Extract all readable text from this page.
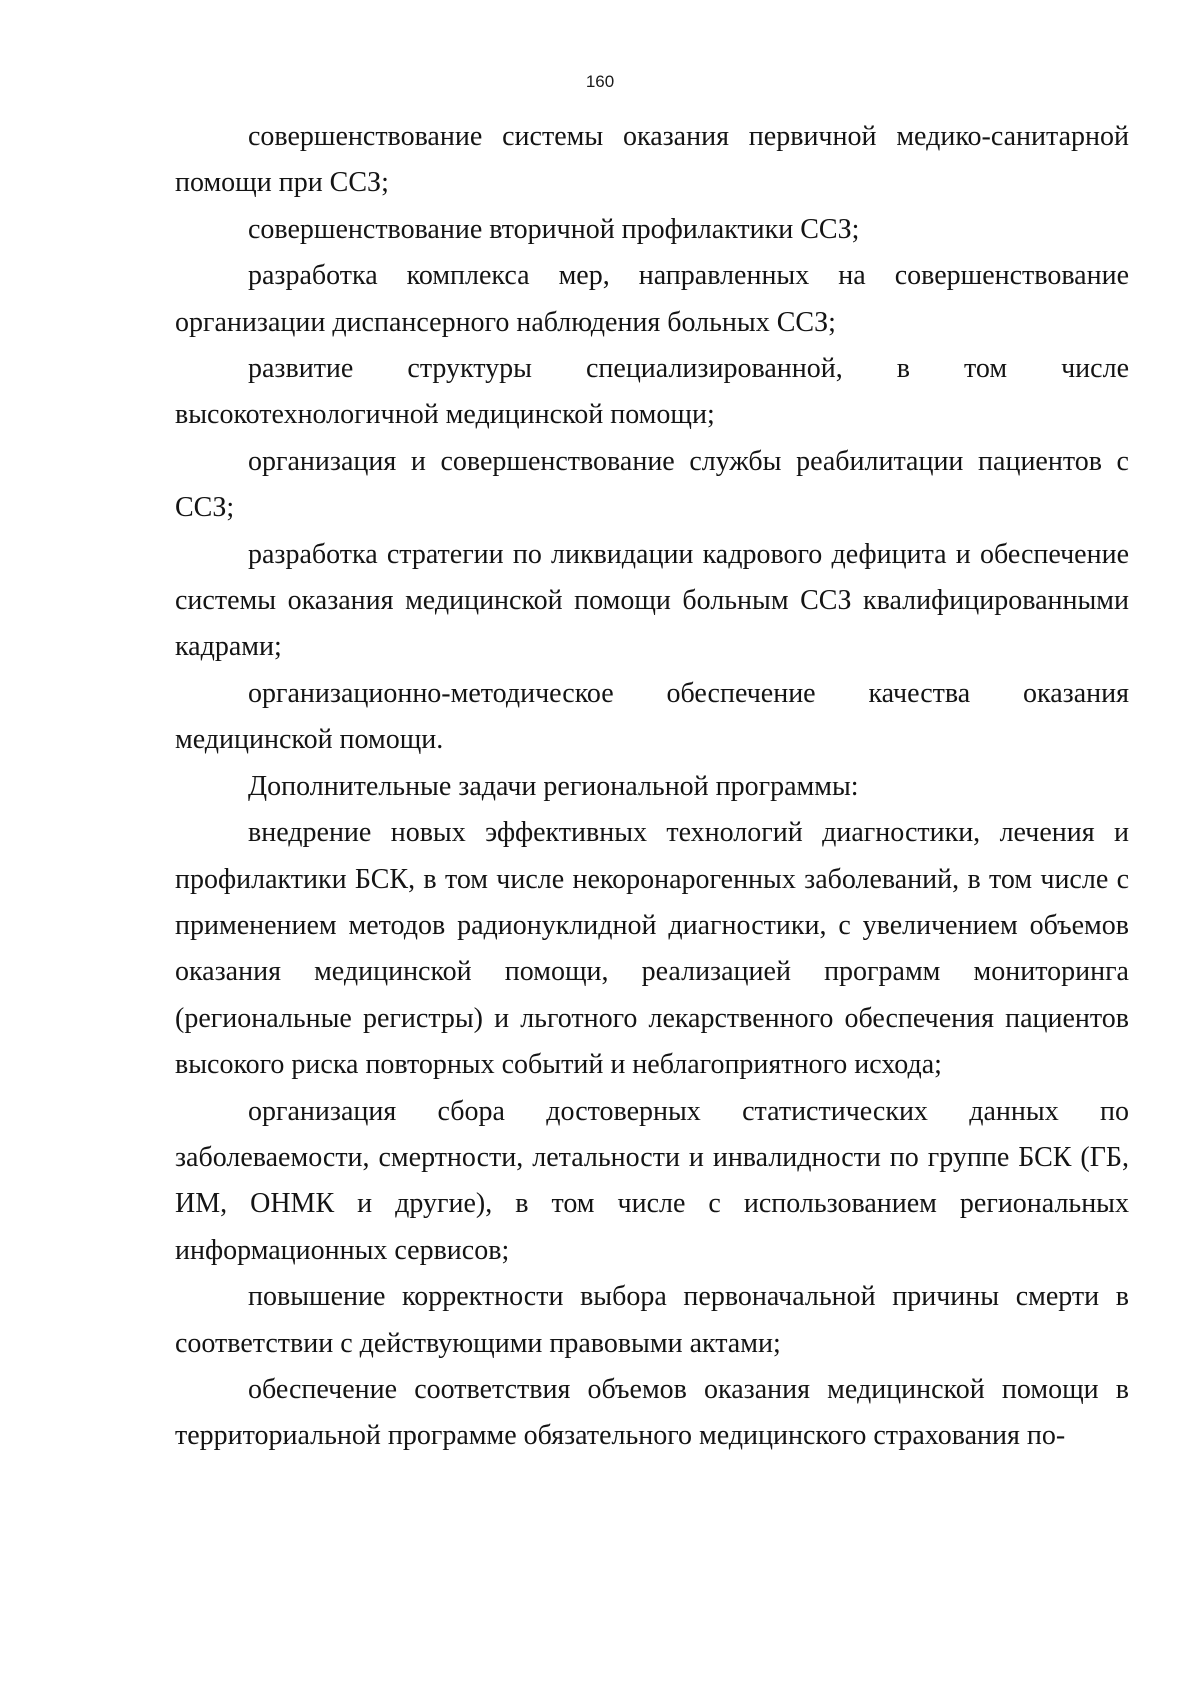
160

совершенствование системы оказания первичной медико-санитарной помощи при ССЗ;

совершенствование вторичной профилактики ССЗ;

разработка комплекса мер, направленных на совершенствование организации диспансерного наблюдения больных ССЗ;

развитие структуры специализированной, в том числе высокотехнологичной медицинской помощи;

организация и совершенствование службы реабилитации пациентов с ССЗ;

разработка стратегии по ликвидации кадрового дефицита и обеспечение системы оказания медицинской помощи больным ССЗ квалифицированными кадрами;

организационно-методическое обеспечение качества оказания медицинской помощи.

Дополнительные задачи региональной программы:

внедрение новых эффективных технологий диагностики, лечения и профилактики БСК, в том числе некоронарогенных заболеваний, в том числе с применением методов радионуклидной диагностики, с увеличением объемов оказания медицинской помощи, реализацией программ мониторинга (региональные регистры) и льготного лекарственного обеспечения пациентов высокого риска повторных событий и неблагоприятного исхода;

организация сбора достоверных статистических данных по заболеваемости, смертности, летальности и инвалидности по группе БСК (ГБ, ИМ, ОНМК и другие), в том числе с использованием региональных информационных сервисов;

повышение корректности выбора первоначальной причины смерти в соответствии с действующими правовыми актами;

обеспечение соответствия объемов оказания медицинской помощи в территориальной программе обязательного медицинского страхования по-
